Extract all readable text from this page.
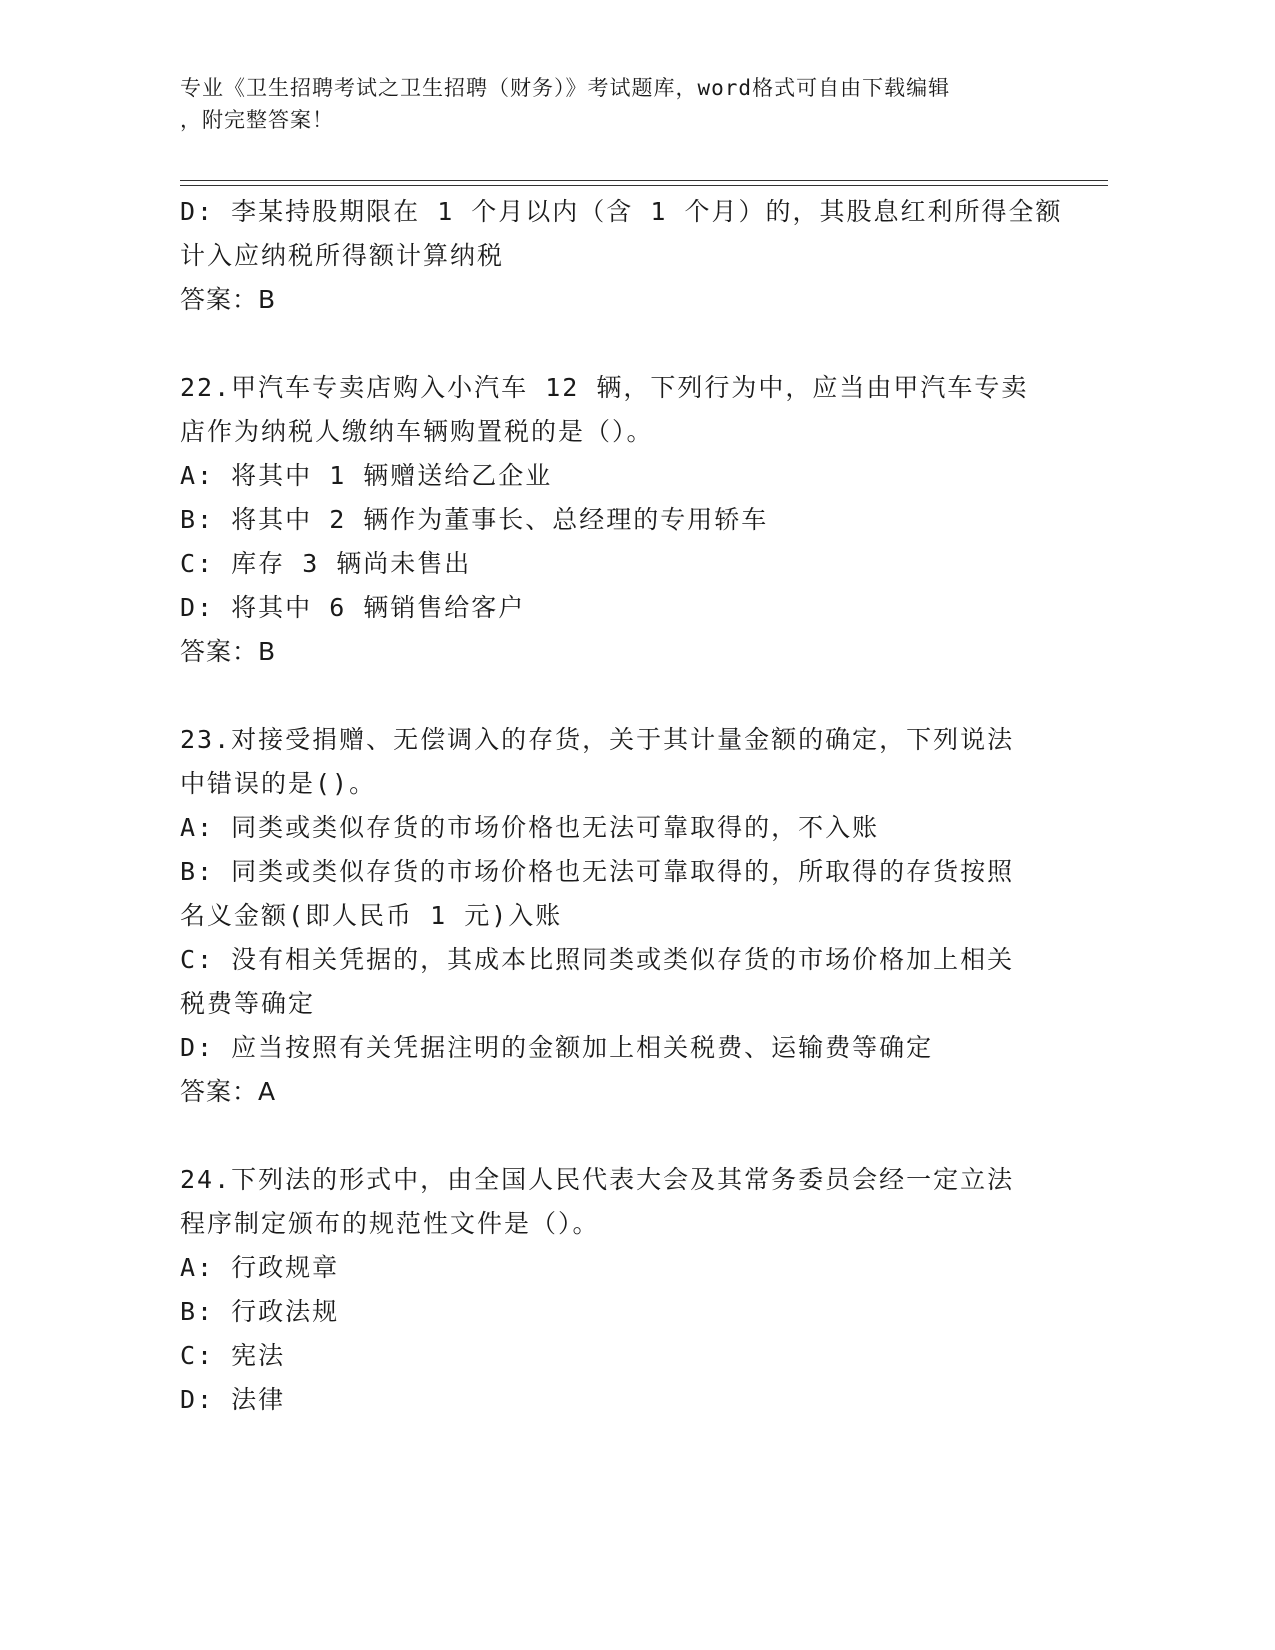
专业《卫生招聘考试之卫生招聘（财务）》考试题库，word格式可自由下载编辑
，附完整答案！
D: 李某持股期限在 1 个月以内（含 1 个月）的，其股息红利所得全额
计入应纳税所得额计算纳税
答案：B
22.甲汽车专卖店购入小汽车 12 辆，下列行为中，应当由甲汽车专卖
店作为纳税人缴纳车辆购置税的是（）。
A: 将其中 1 辆赠送给乙企业
B: 将其中 2 辆作为董事长、总经理的专用轿车
C: 库存 3 辆尚未售出
D: 将其中 6 辆销售给客户
答案：B
23.对接受捐赠、无偿调入的存货，关于其计量金额的确定，下列说法
中错误的是()。
A: 同类或类似存货的市场价格也无法可靠取得的，不入账
B: 同类或类似存货的市场价格也无法可靠取得的，所取得的存货按照
名义金额(即人民币 1 元)入账
C: 没有相关凭据的，其成本比照同类或类似存货的市场价格加上相关
税费等确定
D: 应当按照有关凭据注明的金额加上相关税费、运输费等确定
答案：A
24.下列法的形式中，由全国人民代表大会及其常务委员会经一定立法
程序制定颁布的规范性文件是（）。
A: 行政规章
B: 行政法规
C: 宪法
D: 法律
